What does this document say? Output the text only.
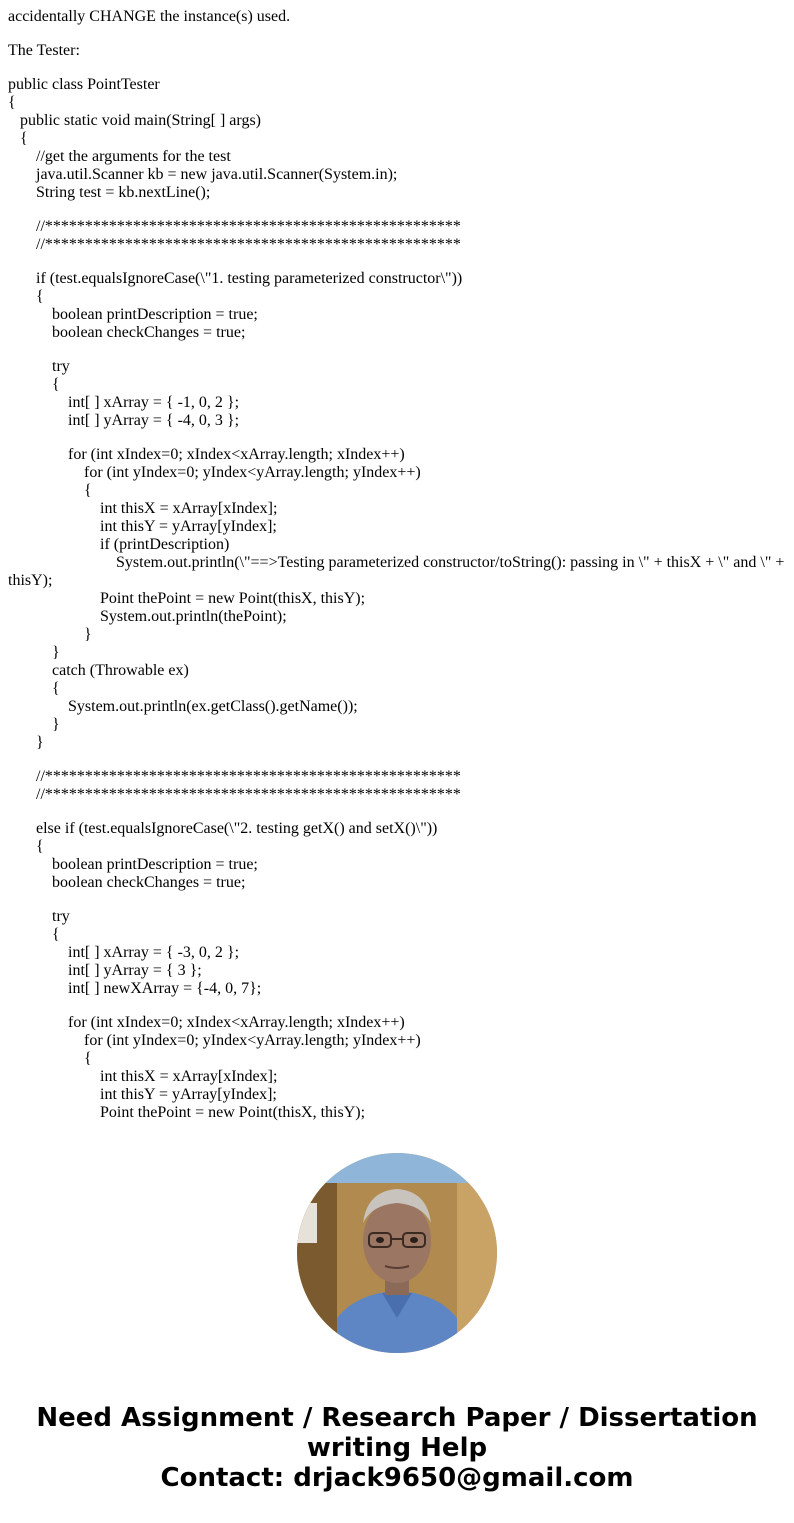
accidentally CHANGE the instance(s) used.
The Tester:
public class PointTester
{
public static void main(String[ ] args)
{
//get the arguments for the test
java.util.Scanner kb = new java.util.Scanner(System.in);
String test = kb.nextLine();
//****************************************************
//****************************************************
if (test.equalsIgnoreCase(\"1. testing parameterized constructor\"))
{
boolean printDescription = true;
boolean checkChanges = true;
try
{
int[ ] xArray = { -1, 0, 2 };
int[ ] yArray = { -4, 0, 3 };
for (int xIndex=0; xIndex<xArray.length; xIndex++)
for (int yIndex=0; yIndex<yArray.length; yIndex++)
{
int thisX = xArray[xIndex];
int thisY = yArray[yIndex];
if (printDescription)
System.out.println(\"==>Testing parameterized constructor/toString(): passing in \" + thisX + \" and \" +
thisY);
Point thePoint = new Point(thisX, thisY);
System.out.println(thePoint);
}
}
catch (Throwable ex)
{
System.out.println(ex.getClass().getName());
}
}
//****************************************************
//****************************************************
else if (test.equalsIgnoreCase(\"2. testing getX() and setX()\"))
{
boolean printDescription = true;
boolean checkChanges = true;
try
{
int[ ] xArray = { -3, 0, 2 };
int[ ] yArray = { 3 };
int[ ] newXArray = {-4, 0, 7};
for (int xIndex=0; xIndex<xArray.length; xIndex++)
for (int yIndex=0; yIndex<yArray.length; yIndex++)
{
int thisX = xArray[xIndex];
int thisY = yArray[yIndex];
Point thePoint = new Point(thisX, thisY);
Need Assignment / Research Paper / Dissertation
writing Help
Contact: drjack9650@gmail.com
